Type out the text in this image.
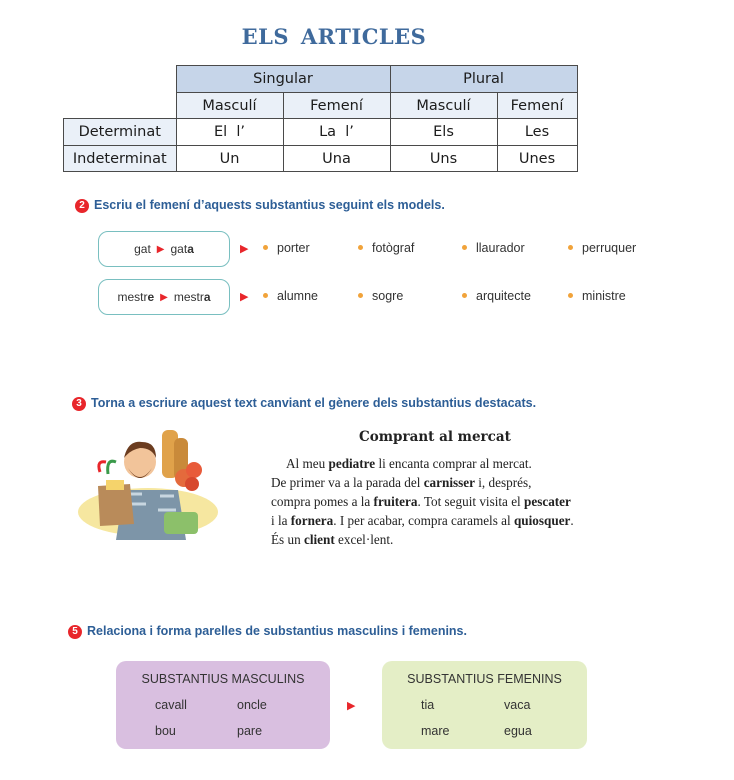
ELS ARTICLES
	Singular		Plural	
	Masculí	Femení	Masculí	Femení
Determinat	El  l’	La  l’	Els	Les
Indeterminat	Un	Una	Uns	Unes
2 Escriu el femení d’aquests substantius seguint els models.
gat ▶ gat a
mestr e ▶ mestr a
▶
▶
porter	fotògraf	llaurador	perruquer
alumne	sogre	arquitecte	ministre
3 Torna a escriure aquest text canviant el gènere dels substantius destacats.
Comprant al mercat
Al meu pediatre li encanta comprar al mercat.
De primer va a la parada del carnisser i, després,
compra pomes a la fruitera. Tot seguit visita el pescater
i la fornera. I per acabar, compra caramels al quiosquer.
És un client excel·lent.
5 Relaciona i forma parelles de substantius masculins i femenins.
SUBSTANTIUS MASCULINS
cavall	oncle
bou	pare
▶
SUBSTANTIUS FEMENINS
tia	vaca
mare	egua
